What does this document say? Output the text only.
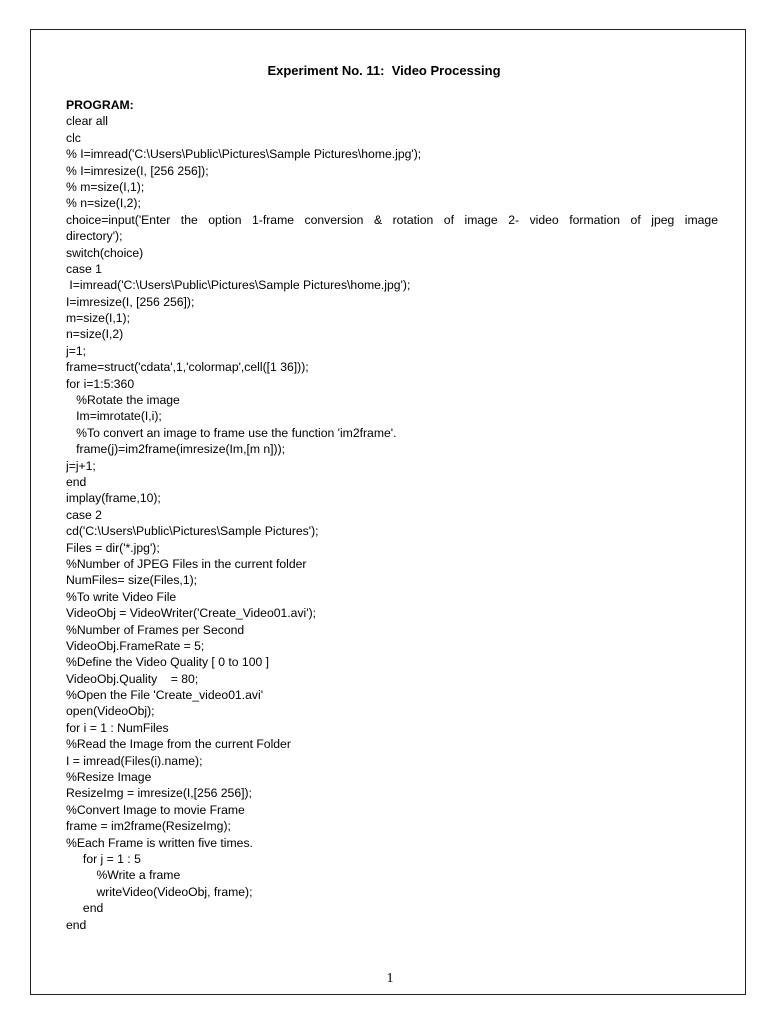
Experiment No. 11:  Video Processing
PROGRAM:
clear all
clc
% I=imread('C:\Users\Public\Pictures\Sample Pictures\home.jpg');
% I=imresize(I, [256 256]);
% m=size(I,1);
% n=size(I,2);
choice=input('Enter the option 1-frame conversion & rotation of image 2- video formation of jpeg image
directory');
switch(choice)
case 1
I=imread('C:\Users\Public\Pictures\Sample Pictures\home.jpg');
I=imresize(I, [256 256]);
m=size(I,1);
n=size(I,2)
j=1;
frame=struct('cdata',1,'colormap',cell([1 36]));
for i=1:5:360
%Rotate the image
Im=imrotate(I,i);
%To convert an image to frame use the function 'im2frame'.
frame(j)=im2frame(imresize(Im,[m n]));
j=j+1;
end
implay(frame,10);
case 2
cd('C:\Users\Public\Pictures\Sample Pictures');
Files = dir('*.jpg');
%Number of JPEG Files in the current folder
NumFiles= size(Files,1);
%To write Video File
VideoObj = VideoWriter('Create_Video01.avi');
%Number of Frames per Second
VideoObj.FrameRate = 5;
%Define the Video Quality [ 0 to 100 ]
VideoObj.Quality    = 80;
%Open the File 'Create_video01.avi'
open(VideoObj);
for i = 1 : NumFiles
%Read the Image from the current Folder
I = imread(Files(i).name);
%Resize Image
ResizeImg = imresize(I,[256 256]);
%Convert Image to movie Frame
frame = im2frame(ResizeImg);
%Each Frame is written five times.
for j = 1 : 5
%Write a frame
writeVideo(VideoObj, frame);
end
end
1
